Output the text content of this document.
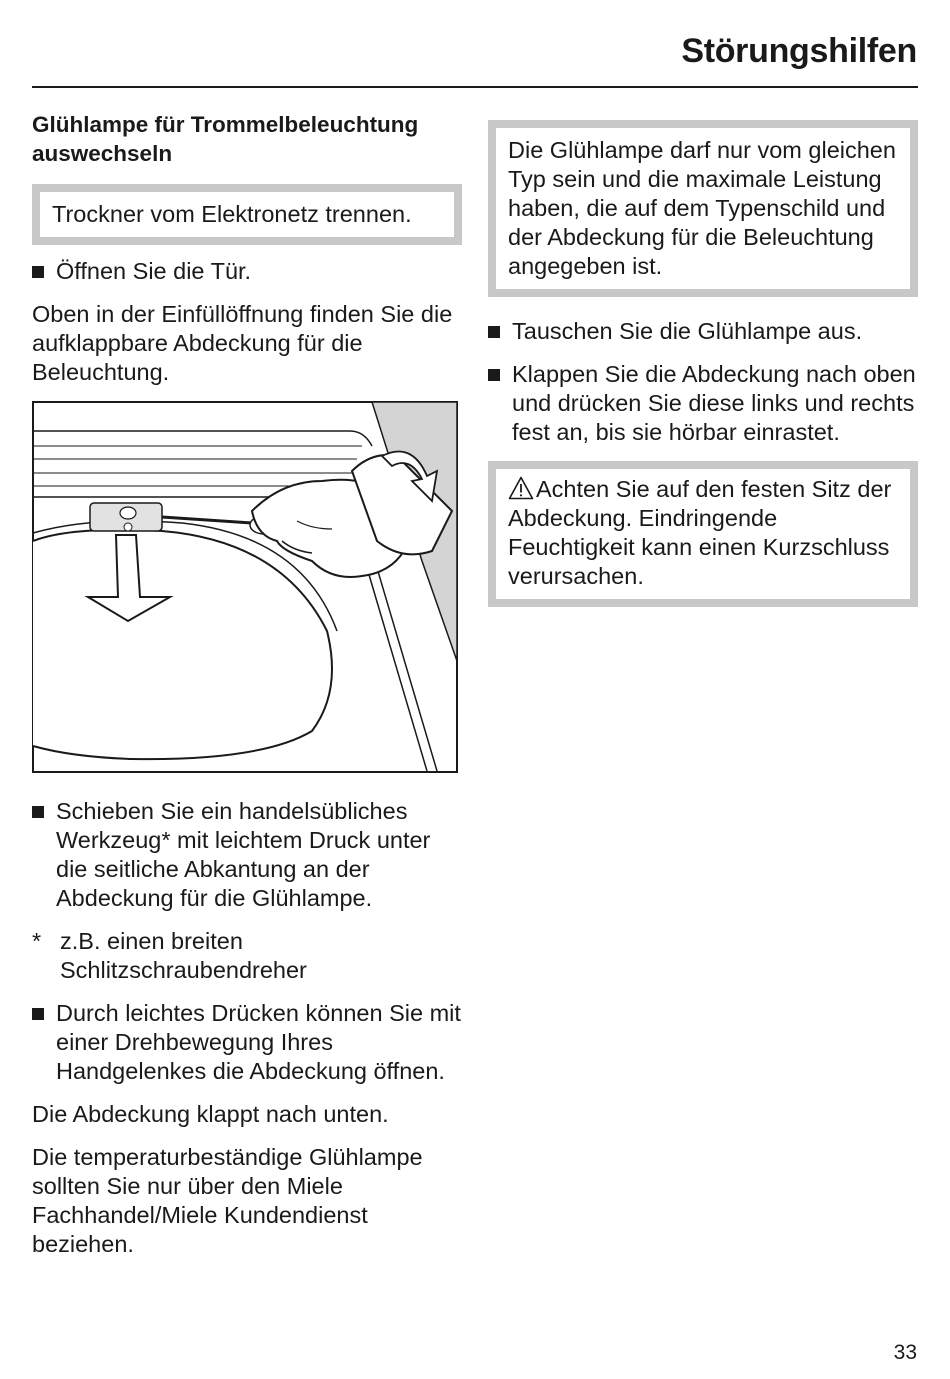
Störungshilfen
Glühlampe für Trommelbeleuchtung auswechseln
Trockner vom Elektronetz trennen.
Öffnen Sie die Tür.
Oben in der Einfüllöffnung finden Sie die aufklappbare Abdeckung für die Beleuchtung.
Schieben Sie ein handelsübliches Werkzeug* mit leichtem Druck unter die seitliche Abkantung an der Abdeckung für die Glühlampe.
* z.B. einen breiten Schlitzschraubendreher
Durch leichtes Drücken können Sie mit einer Drehbewegung Ihres Handgelenkes die Abdeckung öffnen.
Die Abdeckung klappt nach unten.
Die temperaturbeständige Glühlampe sollten Sie nur über den Miele Fachhandel/Miele Kundendienst beziehen.
Die Glühlampe darf nur vom gleichen Typ sein und die maximale Leistung haben, die auf dem Typenschild und der Abdeckung für die Beleuchtung angegeben ist.
Tauschen Sie die Glühlampe aus.
Klappen Sie die Abdeckung nach oben und drücken Sie diese links und rechts fest an, bis sie hörbar einrastet.
Achten Sie auf den festen Sitz der Abdeckung. Eindringende Feuchtigkeit kann einen Kurzschluss verursachen.
33
